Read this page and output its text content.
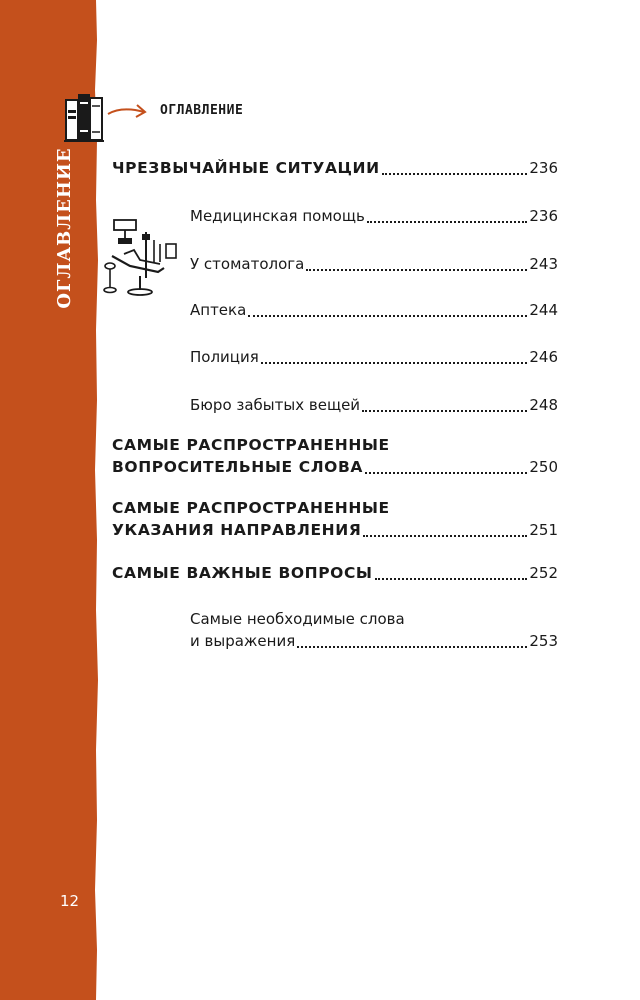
ОГЛАВЛЕНИЕ
12
ОГЛАВЛЕНИЕ
ЧРЕЗВЫЧАЙНЫЕ СИТУАЦИИ	236
Медицинская помощь	236
У стоматолога	243
Аптека	244
Полиция	246
Бюро забытых вещей	248
САМЫЕ РАСПРОСТРАНЕННЫЕ
ВОПРОСИТЕЛЬНЫЕ СЛОВА	250
САМЫЕ РАСПРОСТРАНЕННЫЕ
УКАЗАНИЯ НАПРАВЛЕНИЯ	251
САМЫЕ ВАЖНЫЕ ВОПРОСЫ	252
Самые необходимые слова
и выражения	253
